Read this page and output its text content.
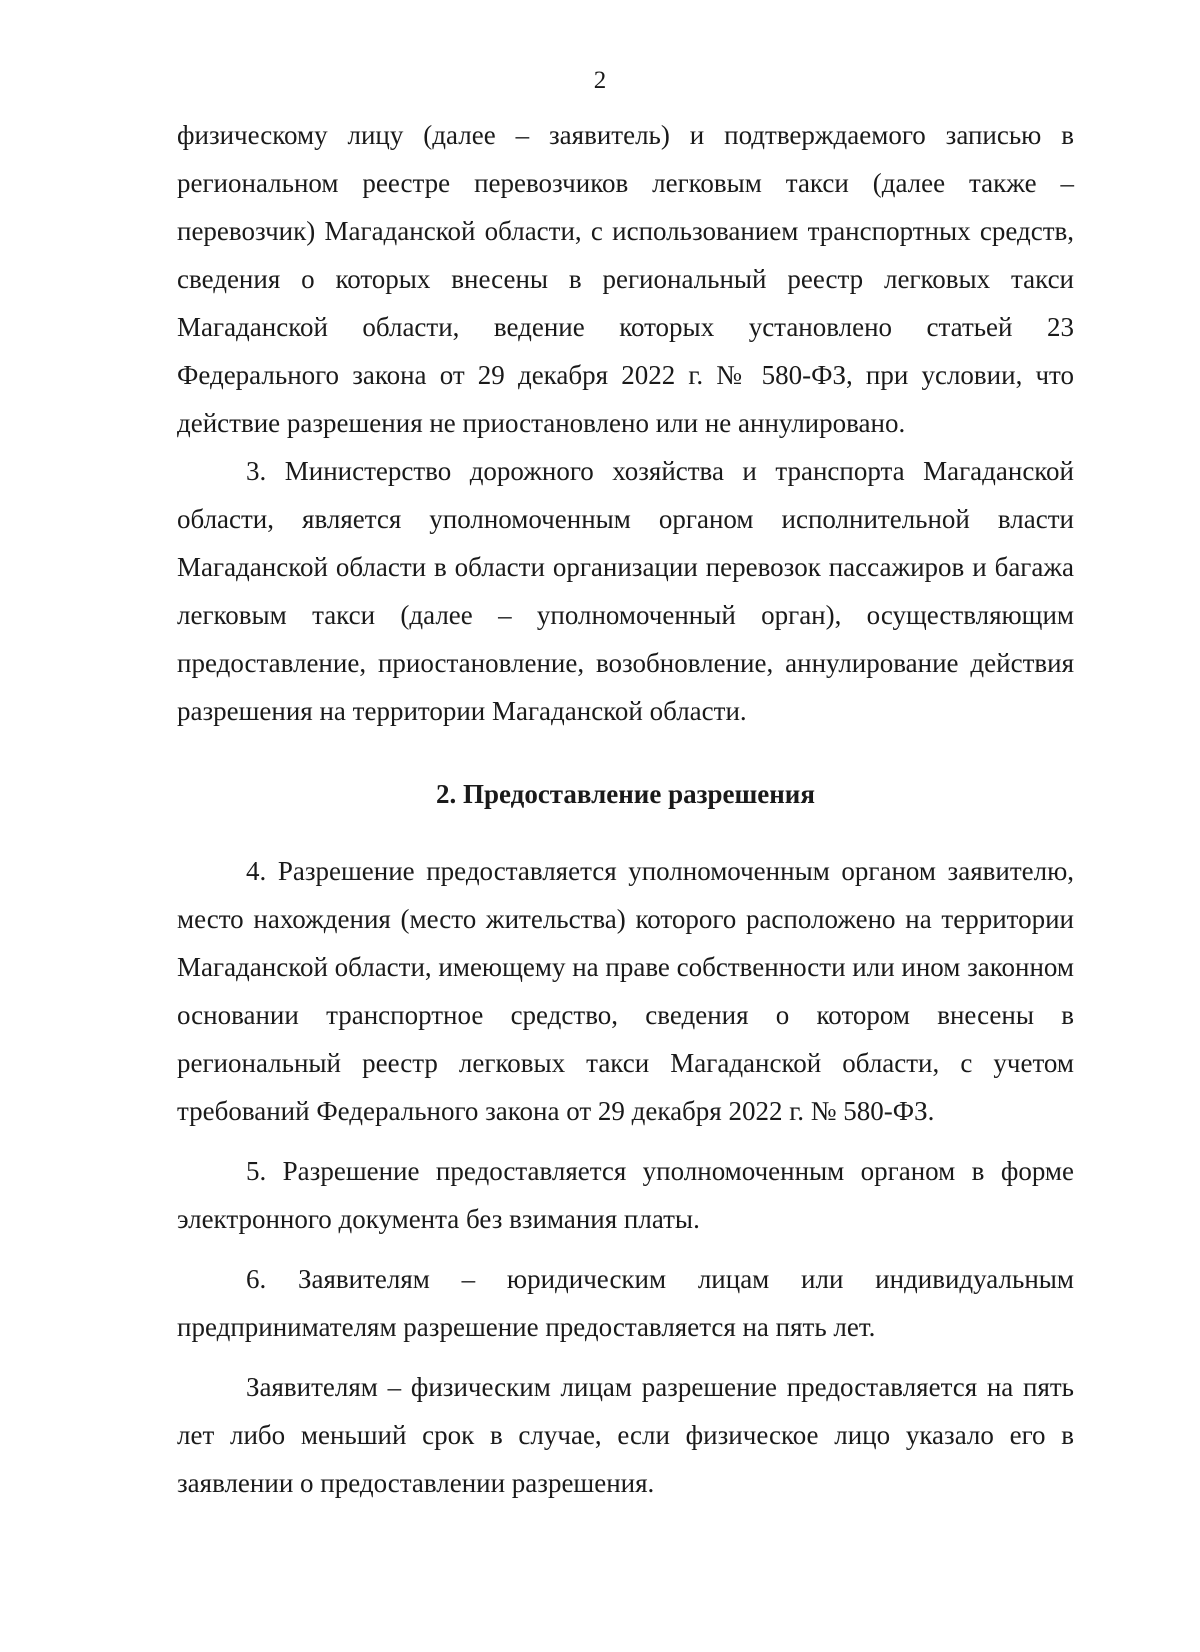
2

физическому лицу (далее – заявитель) и подтверждаемого записью в региональном реестре перевозчиков легковым такси (далее также – перевозчик) Магаданской области, с использованием транспортных средств, сведения о которых внесены в региональный реестр легковых такси Магаданской области, ведение которых установлено статьей 23 Федерального закона от 29 декабря 2022 г. № 580-ФЗ, при условии, что действие разрешения не приостановлено или не аннулировано.

3. Министерство дорожного хозяйства и транспорта Магаданской области, является уполномоченным органом исполнительной власти Магаданской области в области организации перевозок пассажиров и багажа легковым такси (далее – уполномоченный орган), осуществляющим предоставление, приостановление, возобновление, аннулирование действия разрешения на территории Магаданской области.

2. Предоставление разрешения

4. Разрешение предоставляется уполномоченным органом заявителю, место нахождения (место жительства) которого расположено на территории Магаданской области, имеющему на праве собственности или ином законном основании транспортное средство, сведения о котором внесены в региональный реестр легковых такси Магаданской области, с учетом требований Федерального закона от 29 декабря 2022 г. № 580-ФЗ.

5. Разрешение предоставляется уполномоченным органом в форме электронного документа без взимания платы.

6. Заявителям – юридическим лицам или индивидуальным предпринимателям разрешение предоставляется на пять лет.

Заявителям – физическим лицам разрешение предоставляется на пять лет либо меньший срок в случае, если физическое лицо указало его в заявлении о предоставлении разрешения.
